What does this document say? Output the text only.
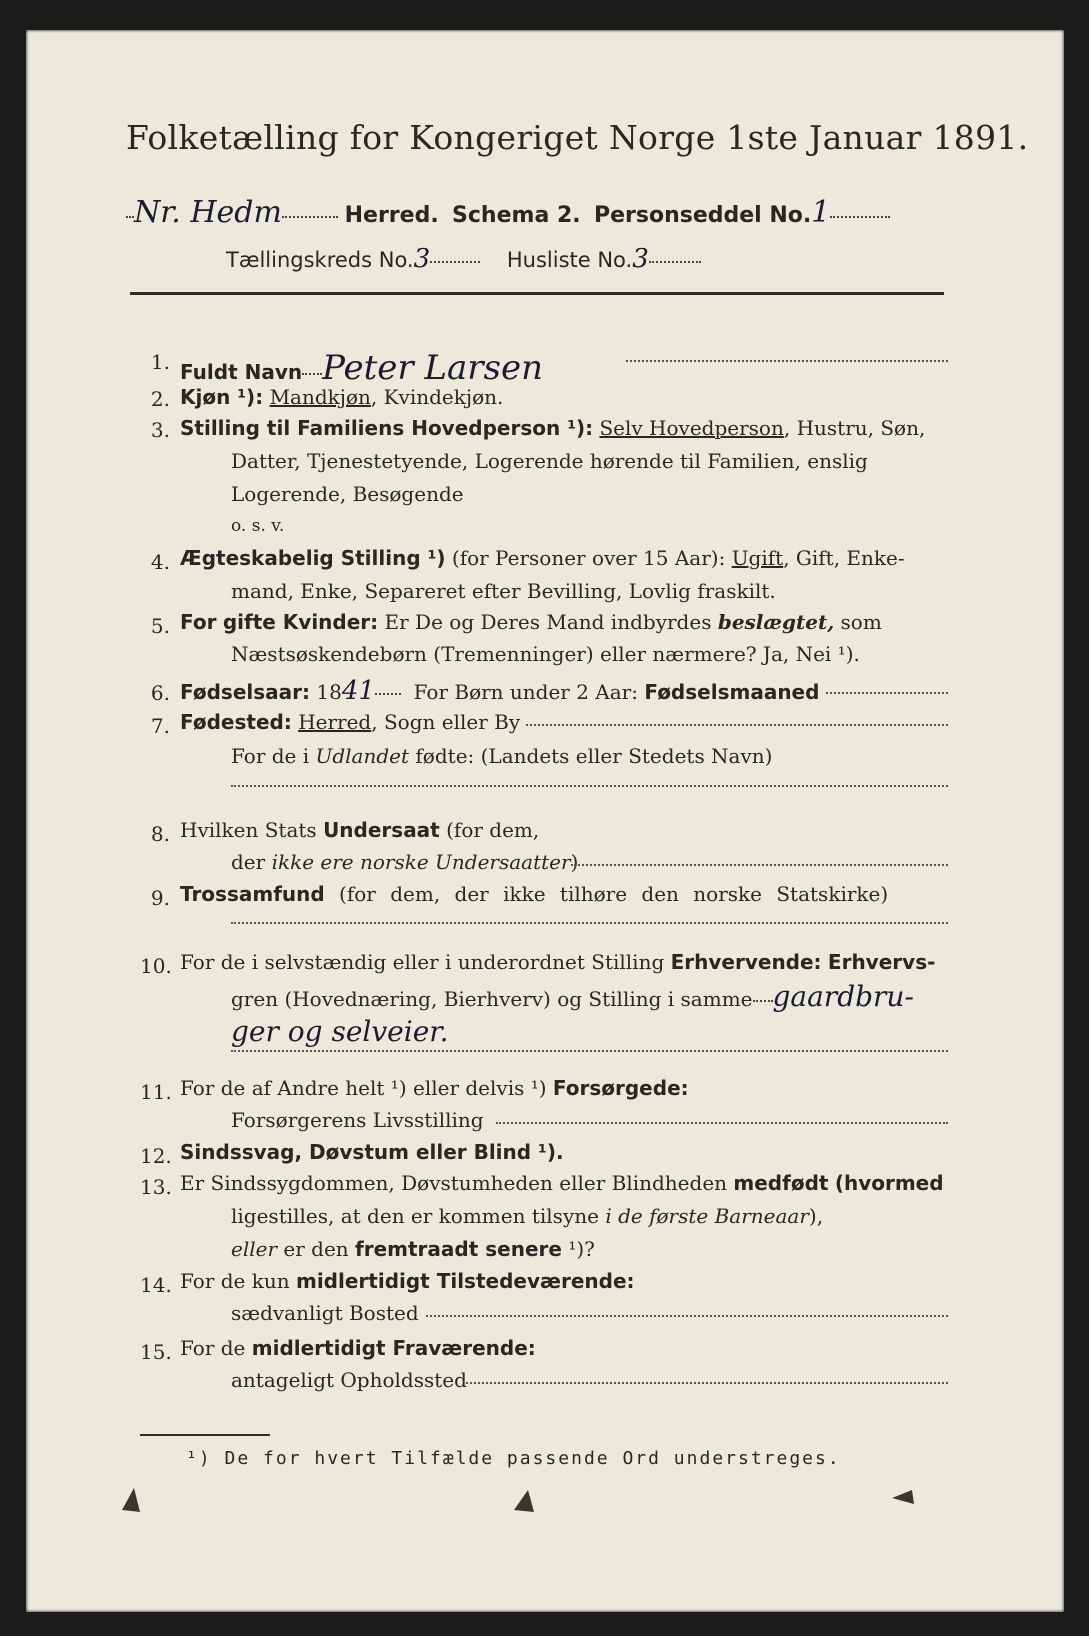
Folketælling for Kongeriget Norge 1ste Januar 1891.
Nr. Hedm	Herred. Schema 2. Personseddel No.1
Tællingskreds No.3	Husliste No.3
1. Fuldt Navn Peter Larsen
2. Kjøn ¹): Mandkjøn, Kvindekjøn.
3. Stilling til Familiens Hovedperson ¹): Selv Hovedperson, Hustru, Søn,
Datter, Tjenestetyende, Logerende hørende til Familien, enslig
Logerende, Besøgende
o. s. v.
4. Ægteskabelig Stilling ¹) (for Personer over 15 Aar): Ugift, Gift, Enke-
mand, Enke, Separeret efter Bevilling, Lovlig fraskilt.
5. For gifte Kvinder: Er De og Deres Mand indbyrdes beslægtet, som
Næstsøskendebørn (Tremenninger) eller nærmere? Ja, Nei ¹).
6. Fødselsaar: 1841 For Børn under 2 Aar: Fødselsmaaned
7. Fødested: Herred, Sogn eller By
For de i Udlandet fødte: (Landets eller Stedets Navn)
8. Hvilken Stats Undersaat (for dem,
der ikke ere norske Undersaatter)
9. Trossamfund (for dem, der ikke tilhøre den norske Statskirke)
10. For de i selvstændig eller i underordnet Stilling Erhvervende: Erhvervs-
gren (Hovednæring, Bierhverv) og Stilling i samme gaardbru-
ger og selveier.
11. For de af Andre helt ¹) eller delvis ¹) Forsørgede:
Forsørgerens Livsstilling
12. Sindssvag, Døvstum eller Blind ¹).
13. Er Sindssygdommen, Døvstumheden eller Blindheden medfødt (hvormed
ligestilles, at den er kommen tilsyne i de første Barneaar),
eller er den fremtraadt senere ¹)?
14. For de kun midlertidigt Tilstedeværende:
sædvanligt Bosted
15. For de midlertidigt Fraværende:
antageligt Opholdssted
¹) De for hvert Tilfælde passende Ord understreges.
